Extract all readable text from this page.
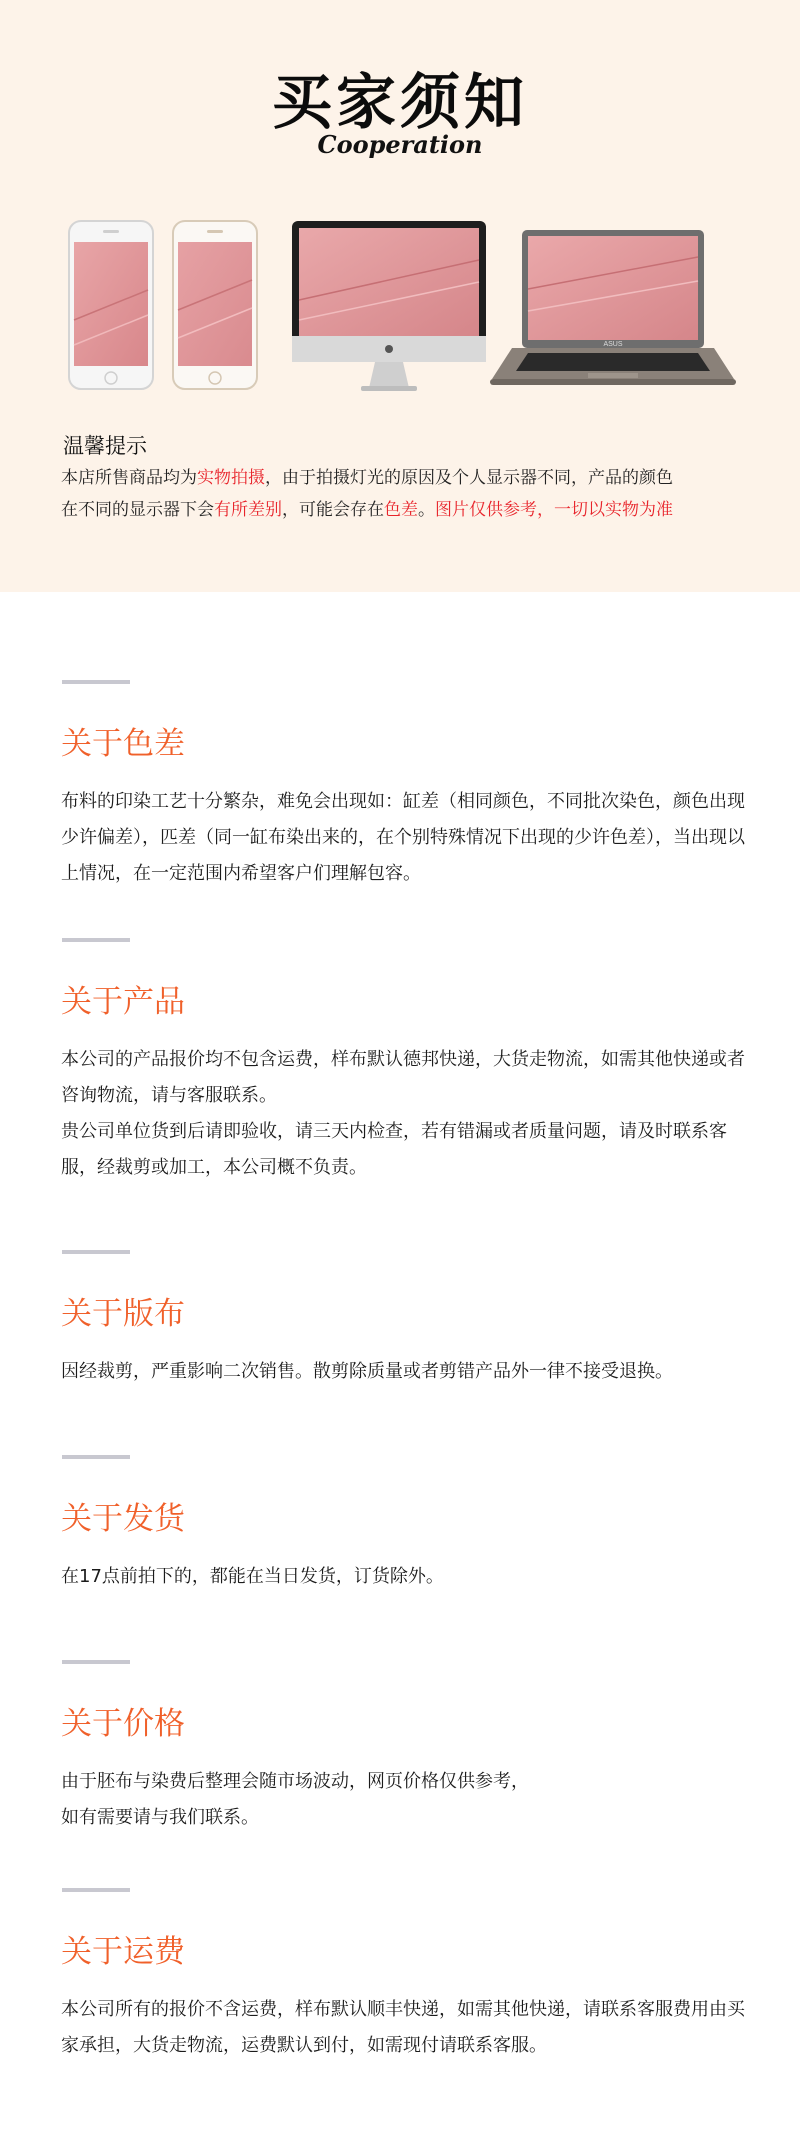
买家须知
Cooperation
ASUS
温馨提示
本店所售商品均为实物拍摄，由于拍摄灯光的原因及个人显示器不同，产品的颜色
在不同的显示器下会有所差别，可能会存在色差。图片仅供参考，一切以实物为准
关于色差

布料的印染工艺十分繁杂，难免会出现如：缸差（相同颜色，不同批次染色，颜色出现少许偏差），匹差（同一缸布染出来的，在个别特殊情况下出现的少许色差），当出现以上情况，在一定范围内希望客户们理解包容。

关于产品

本公司的产品报价均不包含运费，样布默认德邦快递，大货走物流，如需其他快递或者咨询物流，请与客服联系。

贵公司单位货到后请即验收，请三天内检查，若有错漏或者质量问题，请及时联系客服，经裁剪或加工，本公司概不负责。

关于版布

因经裁剪，严重影响二次销售。散剪除质量或者剪错产品外一律不接受退换。

关于发货

在17点前拍下的，都能在当日发货，订货除外。

关于价格

由于胚布与染费后整理会随市场波动，网页价格仅供参考，

如有需要请与我们联系。

关于运费

本公司所有的报价不含运费，样布默认顺丰快递，如需其他快递，请联系客服费用由买家承担，大货走物流，运费默认到付，如需现付请联系客服。
